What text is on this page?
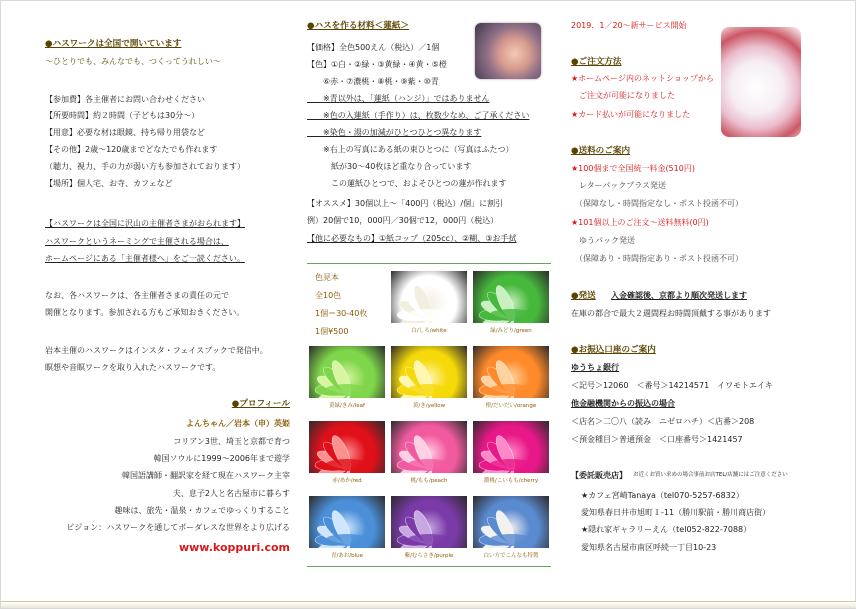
●ハスワークは全国で開いています
～ひとりでも、みんなでも、つくってうれしい～
【参加費】各主催者にお問い合わせください
【所要時間】約２時間（子どもは30分～）
【用意】必要な材は眼鏡、持ち帰り用袋など
【その他】2歳～120歳までどなたでも作れます
（聴力、視力、手の力が弱い方も参加されております）
【場所】個人宅、お寺、カフェなど
【ハスワークは全国に沢山の主催者さまがおられます】
ハスワークというネーミングで主催される場合は、
ホームページにある「主催者様へ」をご一読ください。
なお、各ハスワークは、各主催者さまの責任の元で
開催となります。参加される方もご承知おきください。
岩本主催のハスワークはインスタ・フェイスブックで発信中。
瞑想や音瞑ワークを取り入れたハスワークです。
●プロフィール
よんちゃん／岩本（申）英姫
コリアン3世、埼玉と京都で育つ
韓国ソウルに1999～2006年まで遊学
韓国語講師・翻訳家を経て現在ハスワーク主宰
夫、息子2人と名古屋市に暮らす
趣味は、旅先・温泉・カフェでゆっくりすること
ビジョン：ハスワークを通してボーダレスな世界をより広げる
www.koppuri.com
●ハスを作る材料＜蓮紙＞
【価格】全色500えん（税込）／1個
【色】①白・②緑・③黄緑・④黄・⑤橙
　　⑥赤・⑦濃桃・⑧桃・⑨紫・⑩青
　　※青以外は、「蓮紙（ハンジ）」ではありません
　　※色の入蓮紙（手作り）は、枚数少なめ、ご了承ください
　　※染色・湯の加減がひとつひとつ異なります
　　※右上の写真にある紙の束ひとつに（写真はふたつ）
　　　紙が30～40枚ほど重なり合っています
　　　この蓮紙ひとつで、およそひとつの蓮が作れます
【オススメ】30個以上～「400円（税込）/個」に割引
例）20個で10，000円／30個で12，000円（税込）
【他に必要なもの】①紙コップ（205cc）、②糊、③お手拭
色見本
全10色
1個＝30-40枚
1個¥500	白/しろ/white	緑/みどり/green
黄緑/きみ/leaf	黄/き/yellow	橙/だいだい/orange
赤/あか/red	桃/もも/peach	濃桃/こいもも/cherry
青/あお/blue	紫/むらさき/purple	白い方でこんなも特製
2019．1／20～新サービス開始
●ご注文方法
★ホームページ内のネットショップから
　ご注文が可能になりました
★カード払いが可能になりました
●送料のご案内
★100個まで全国統一料金(510円)
　レターパックプラス発送
　（保障なし・時間指定なし・ポスト投函不可）
★101個以上のご注文～送料無料(0円)
　ゆうパック発送
　（保障あり・時間指定あり・ポスト投函不可）
●発送 入金確認後、京都より順次発送します
在庫の都合で最大２週間程お時間頂戴する事があります
●お振込口座のご案内
ゆうちょ銀行
＜記号＞12060　＜番号＞14214571　イワモトエイキ
他金融機関からの振込の場合
＜店名＞二〇八（読み　ニゼロハチ）＜店番＞208
＜預金種目＞普通預金　＜口座番号＞1421457
【委託販売店】 お近くお買い求めの場合事前お店TEL/店舗にはご注意ください
★カフェ宮崎Tanaya（tel070-5257-6832）
愛知県春日井市旭町１-11（勝川駅前・勝川商店街）
★隠れ家ギャラリーえん（tel052-822-7088）
愛知県名古屋市南区呼続一丁目10-23
